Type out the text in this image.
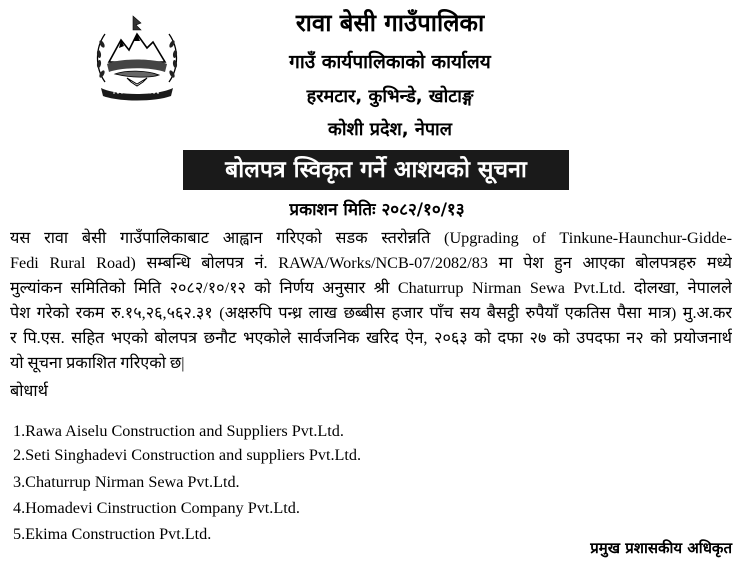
रावा बेसी गाउँपालिका
गाउँ कार्यपालिकाको कार्यालय
हरमटार, कुभिन्डे, खोटाङ्ग
कोशी प्रदेश, नेपाल
बोलपत्र स्विकृत गर्ने आशयको सूचना
प्रकाशन मितिः २०८२/१०/१३
यस रावा बेसी गाउँपालिकाबाट आह्वान गरिएको सडक स्तरोन्नति (Upgrading of Tinkune-Haunchur-Gidde-
Fedi Rural Road) सम्बन्धि बोलपत्र नं. RAWA/Works/NCB-07/2082/83 मा पेश हुन आएका बोलपत्रहरु मध्ये
मुल्यांकन समितिको मिति २०८२/१०/१२ को निर्णय अनुसार श्री Chaturrup Nirman Sewa Pvt.Ltd. दोलखा, नेपालले
पेश गरेको रकम रु.१५,२६,५६२.३१ (अक्षरुपि पन्ध्र लाख छब्बीस हजार पाँच सय बैसट्ठी रुपैयाँ एकतिस पैसा मात्र) मु.अ.कर
र पि.एस. सहित भएको बोलपत्र छनौट भएकोले सार्वजनिक खरिद ऐन, २०६३ को दफा २७ को उपदफा न२ को प्रयोजनार्थ
यो सूचना प्रकाशित गरिएको छ|
बोधार्थ
1.Rawa Aiselu Construction and Suppliers Pvt.Ltd.
2.Seti Singhadevi Construction and suppliers Pvt.Ltd.
3.Chaturrup Nirman Sewa Pvt.Ltd.
4.Homadevi Cinstruction Company Pvt.Ltd.
5.Ekima Construction Pvt.Ltd.
प्रमुख प्रशासकीय अधिकृत
